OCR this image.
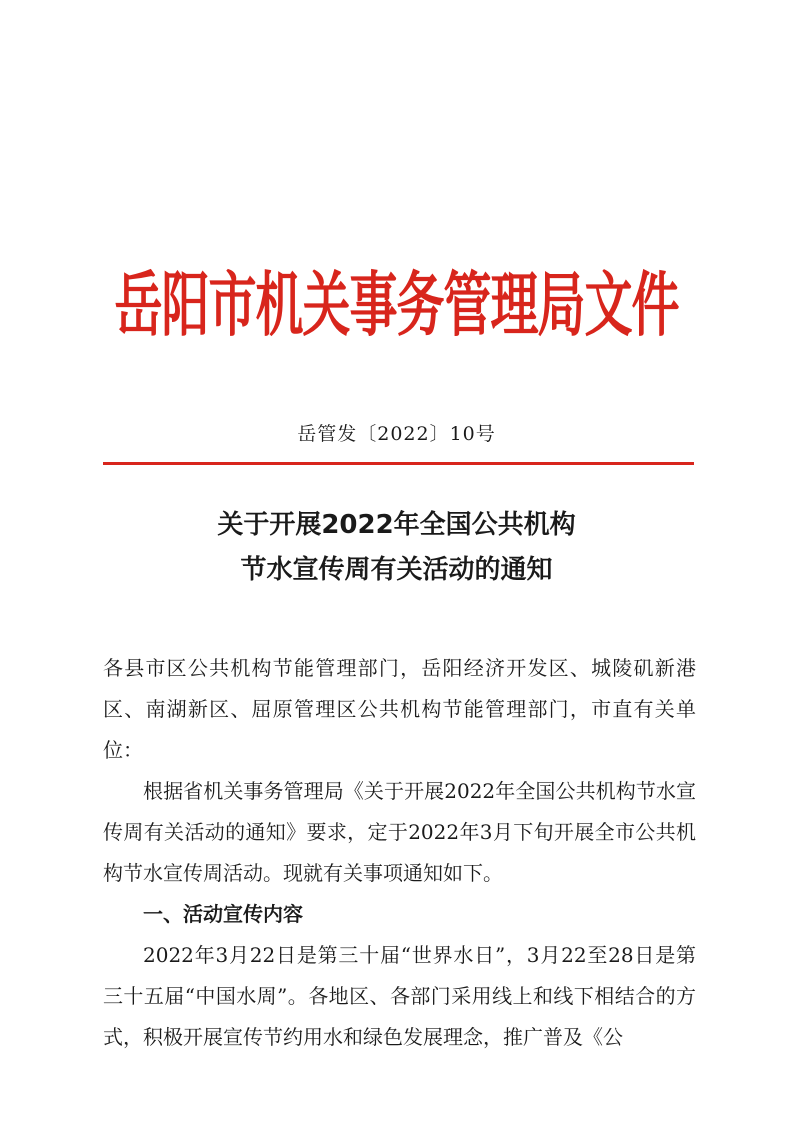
岳阳市机关事务管理局文件
岳管发〔2022〕10号
关于开展2022年全国公共机构
节水宣传周有关活动的通知

各县市区公共机构节能管理部门，岳阳经济开发区、城陵矶新港区、南湖新区、屈原管理区公共机构节能管理部门，市直有关单位：

根据省机关事务管理局《关于开展2022年全国公共机构节水宣传周有关活动的通知》要求，定于2022年3月下旬开展全市公共机构节水宣传周活动。现就有关事项通知如下。

一、活动宣传内容

2022年3月22日是第三十届“世界水日”，3月22至28日是第三十五届“中国水周”。各地区、各部门采用线上和线下相结合的方式，积极开展宣传节约用水和绿色发展理念，推广普及《公
